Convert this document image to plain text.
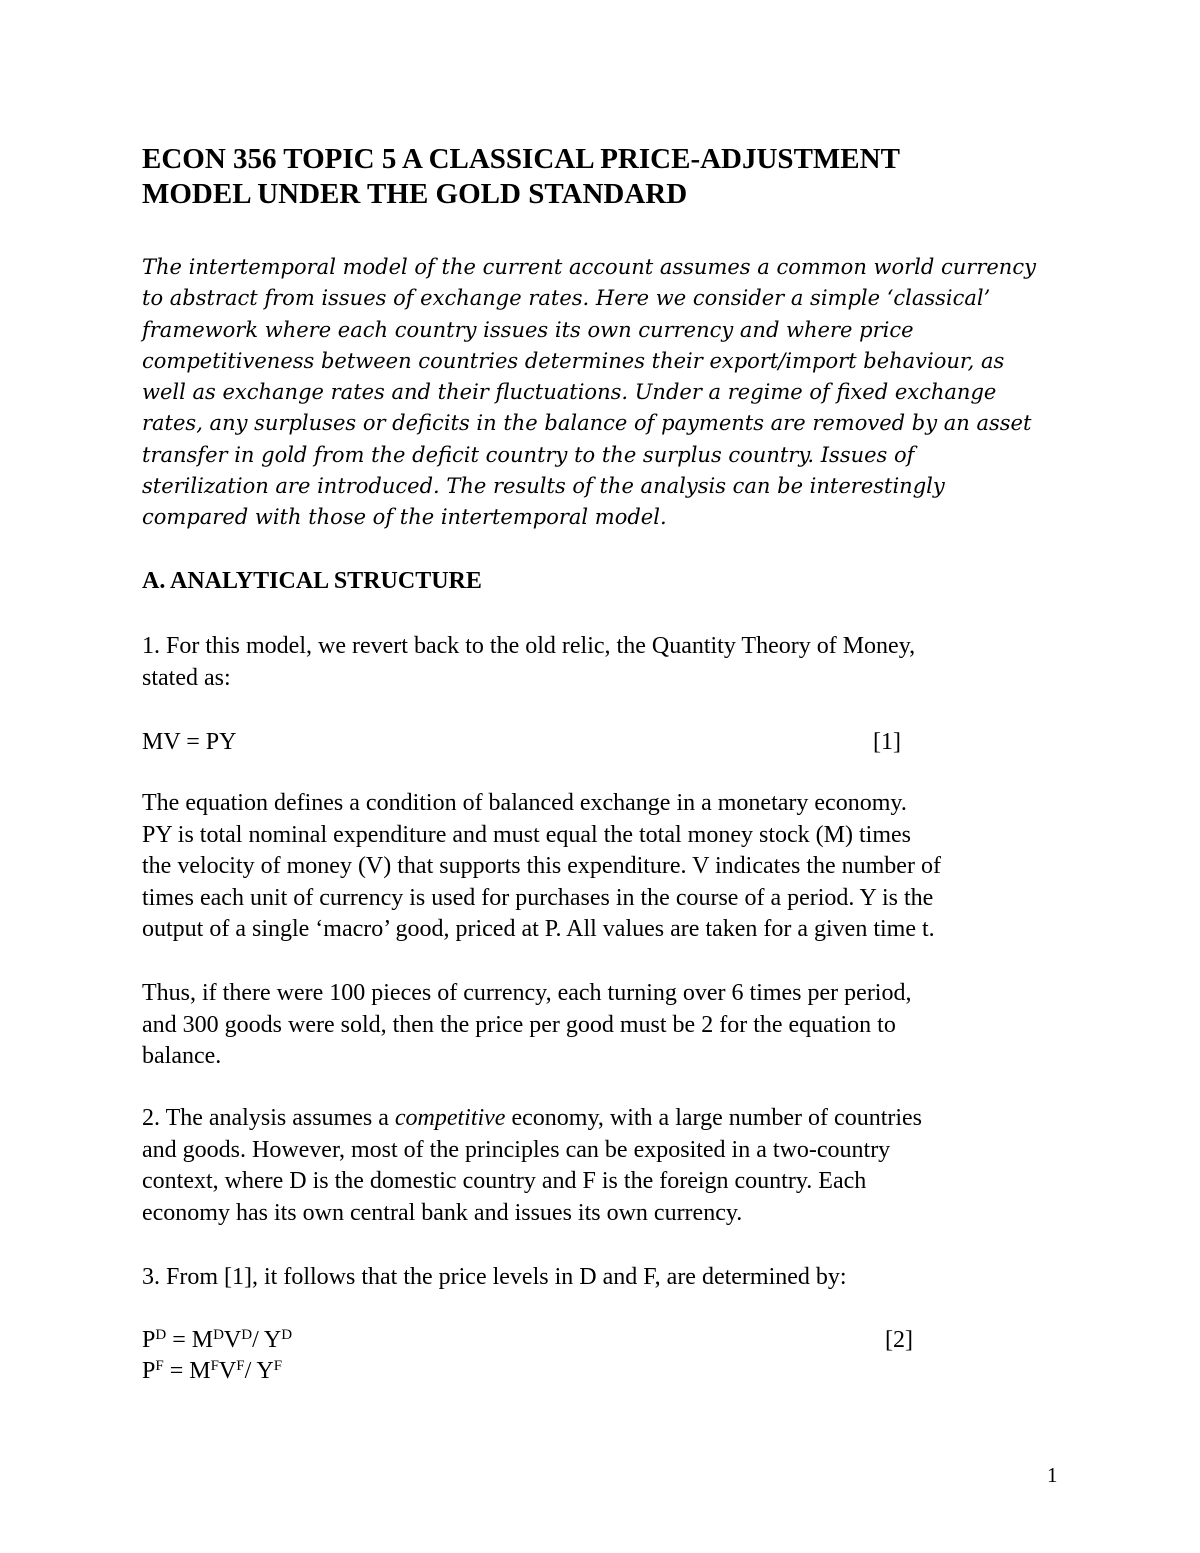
ECON 356 TOPIC 5 A CLASSICAL PRICE-ADJUSTMENT
MODEL UNDER THE GOLD STANDARD

The intertemporal model of the current account assumes a common world currency
to abstract from issues of exchange rates. Here we consider a simple ‘classical’
framework where each country issues its own currency and where price
competitiveness between countries determines their export/import behaviour, as
well as exchange rates and their fluctuations. Under a regime of fixed exchange
rates, any surpluses or deficits in the balance of payments are removed by an asset
transfer in gold from the deficit country to the surplus country. Issues of
sterilization are introduced. The results of the analysis can be interestingly
compared with those of the intertemporal model.

A. ANALYTICAL STRUCTURE

1. For this model, we revert back to the old relic, the Quantity Theory of Money,
stated as:

MV = PY	[1]

The equation defines a condition of balanced exchange in a monetary economy.
PY is total nominal expenditure and must equal the total money stock (M) times
the velocity of money (V) that supports this expenditure. V indicates the number of
times each unit of currency is used for purchases in the course of a period. Y is the
output of a single ‘macro’ good, priced at P. All values are taken for a given time t.

Thus, if there were 100 pieces of currency, each turning over 6 times per period,
and 300 goods were sold, then the price per good must be 2 for the equation to
balance.

2. The analysis assumes a competitive economy, with a large number of countries
and goods. However, most of the principles can be exposited in a two-country
context, where D is the domestic country and F is the foreign country. Each
economy has its own central bank and issues its own currency.

3. From [1], it follows that the price levels in D and F, are determined by:

$P^D = M^DV^D/$ $Y^D$	[2]
$P^F = M^FV^F/$ $Y^F$
1
